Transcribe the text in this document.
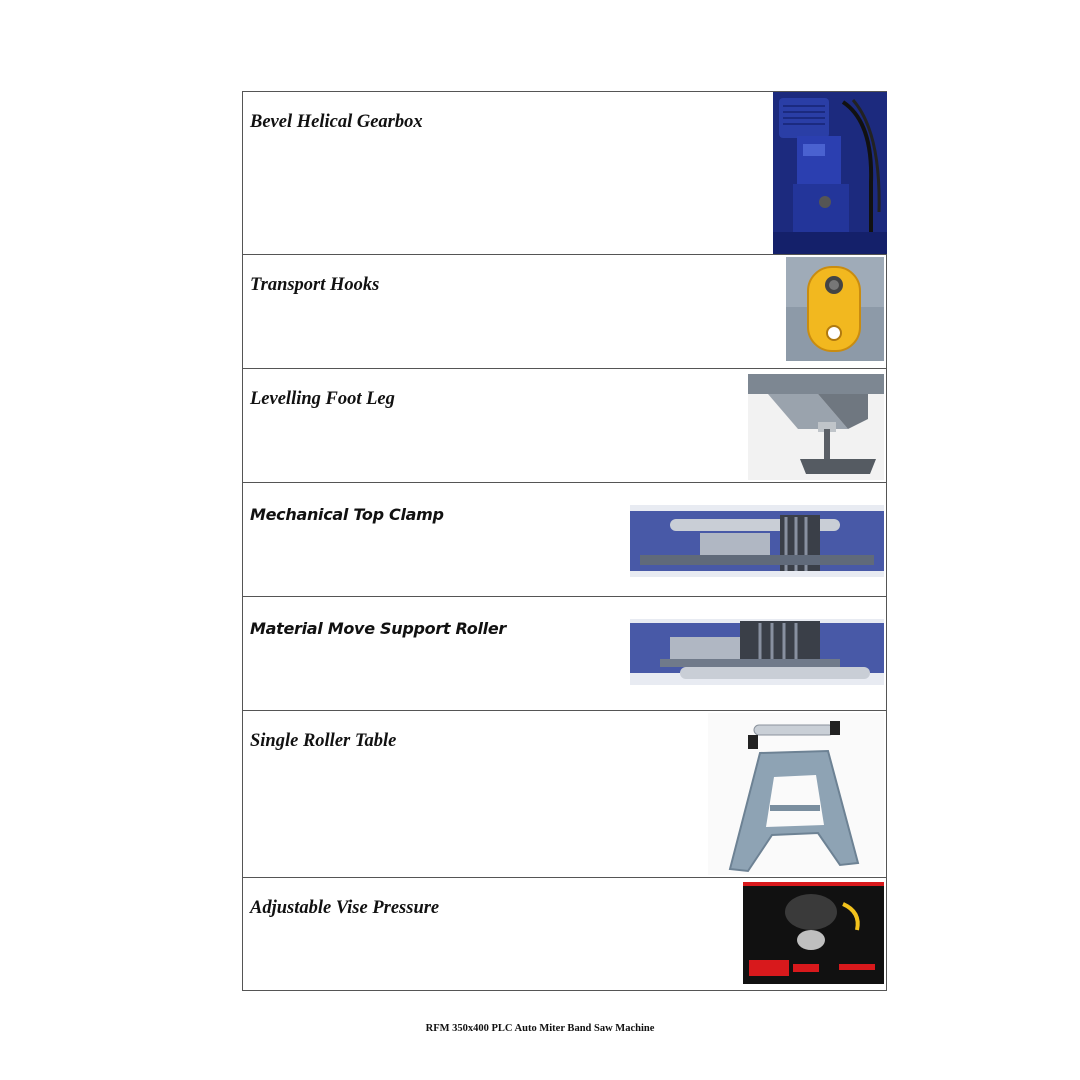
Bevel Helical Gearbox
Transport Hooks
Levelling Foot Leg
Mechanical Top Clamp
Material Move Support Roller
Single Roller Table
Adjustable Vise Pressure
RFM 350x400 PLC Auto Miter Band Saw Machine
